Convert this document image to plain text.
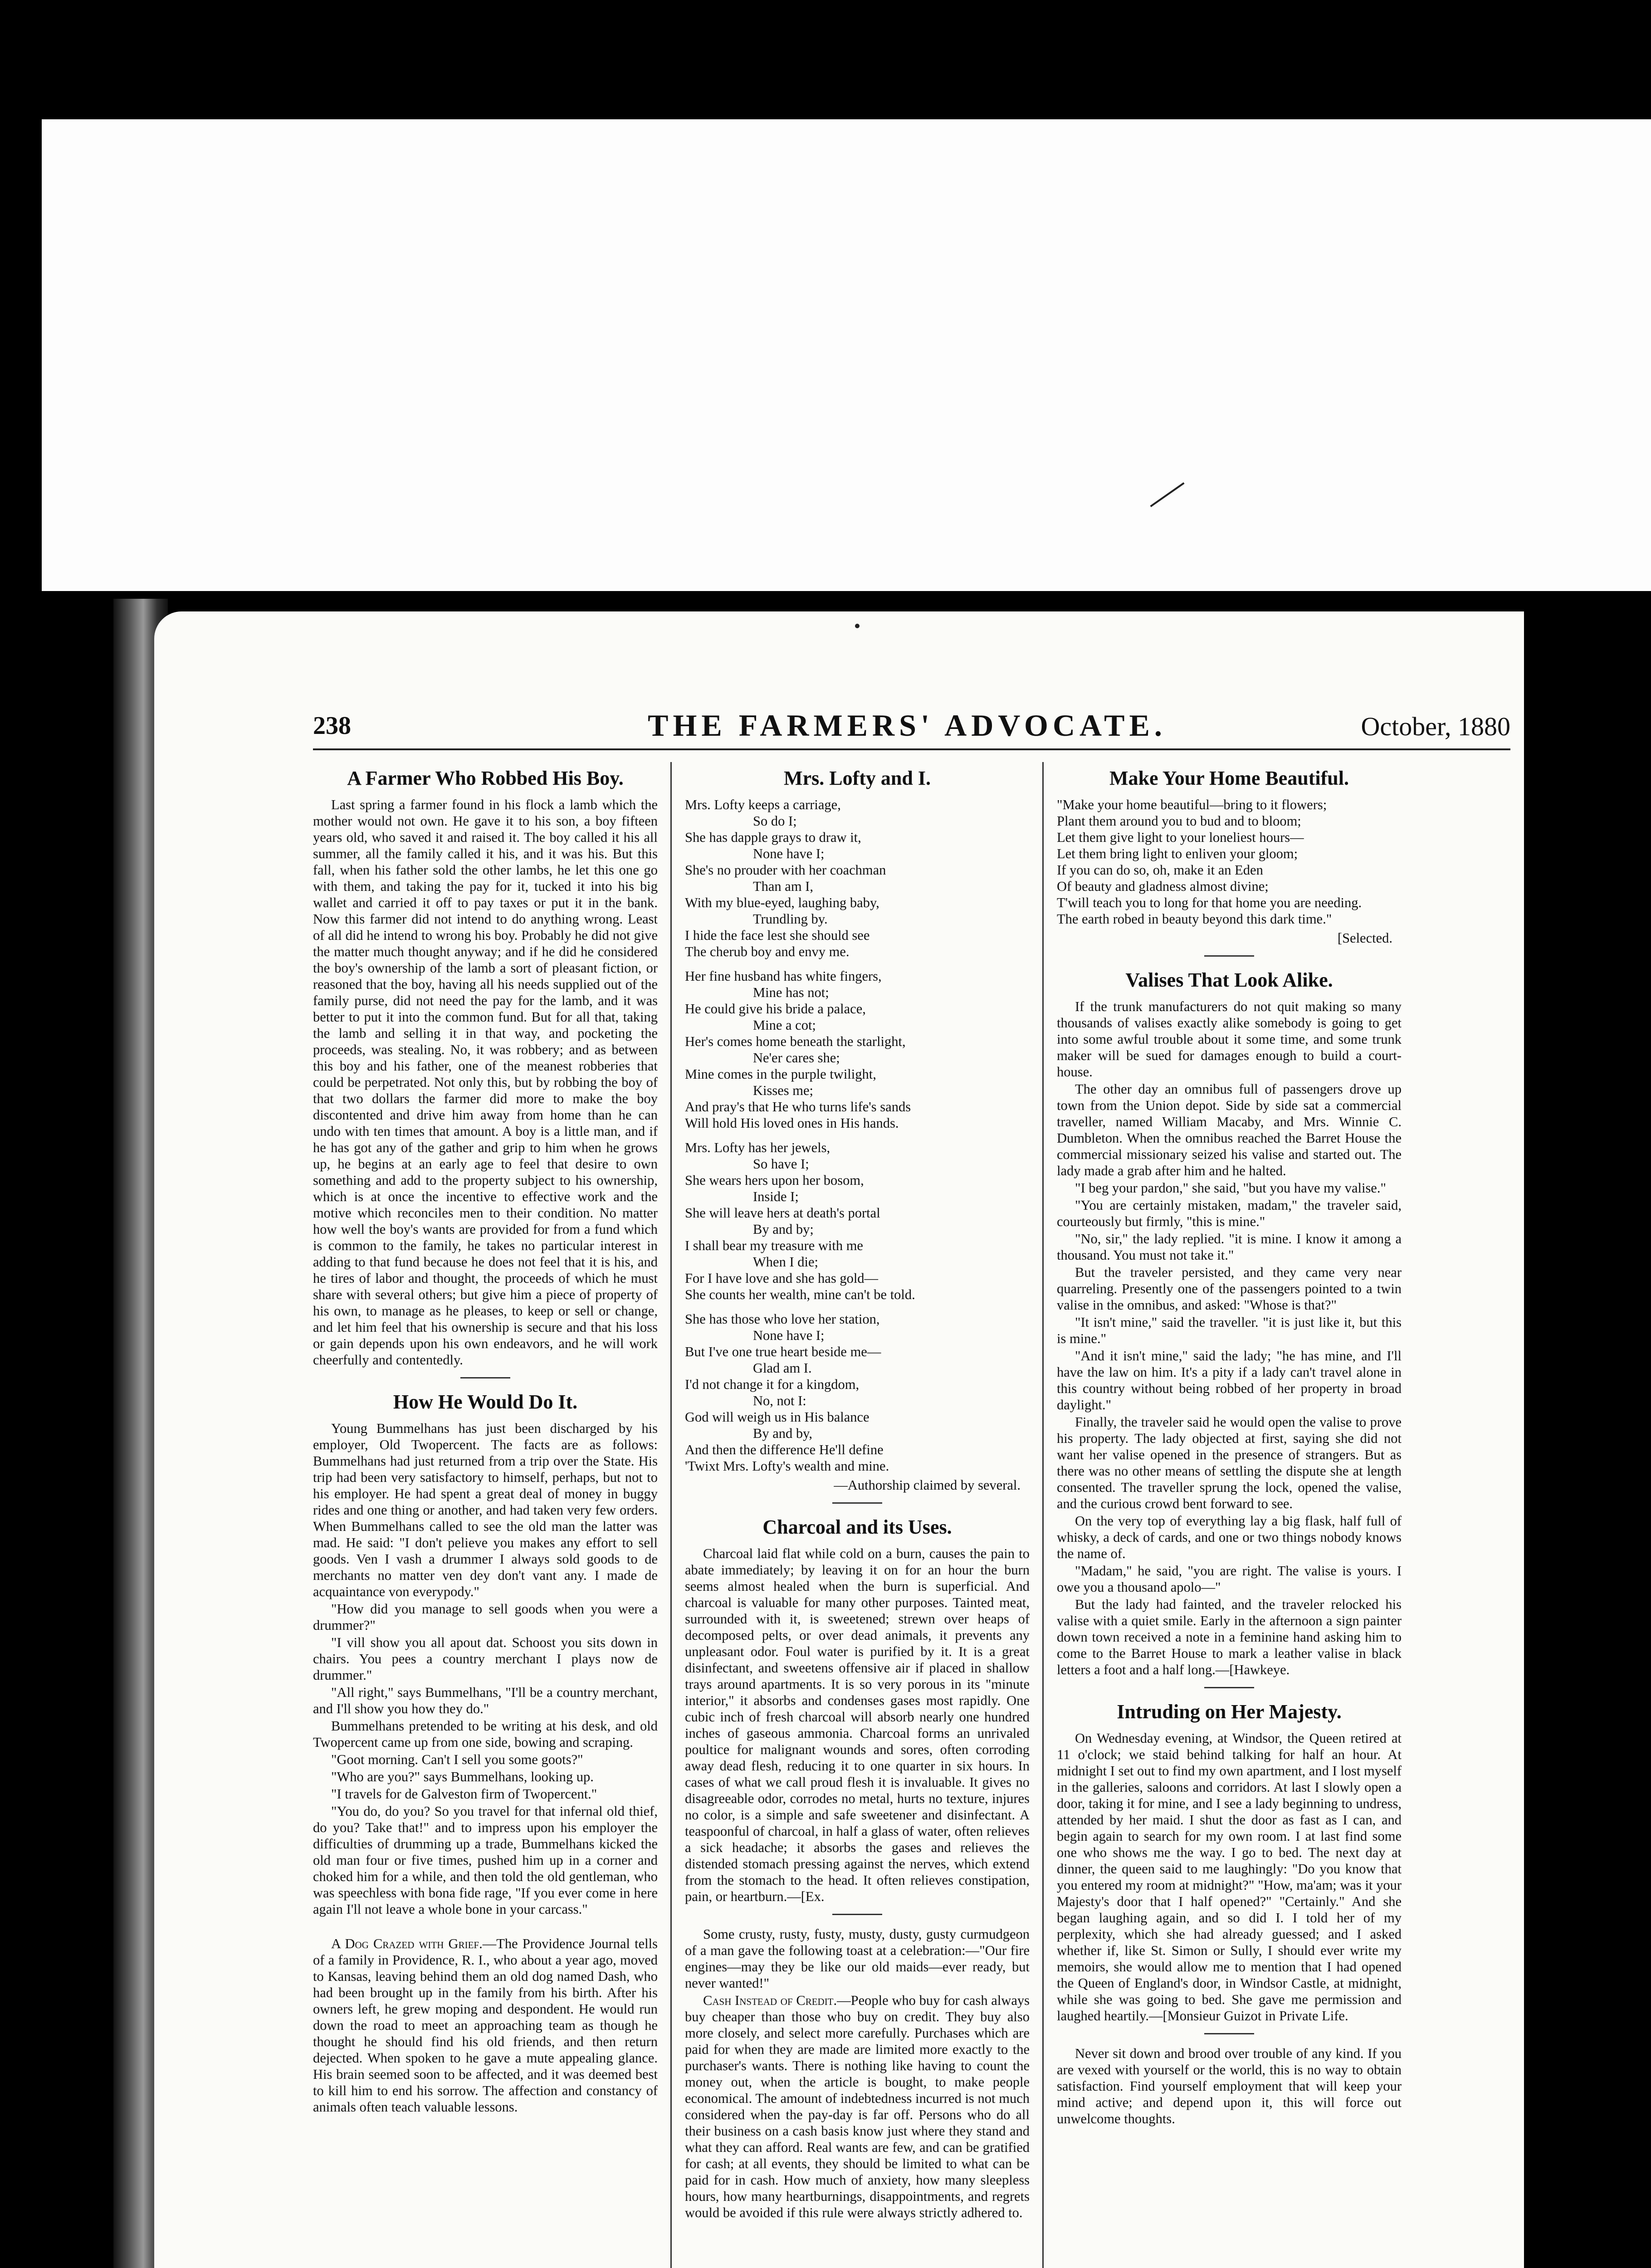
238	THE FARMERS' ADVOCATE.	October, 1880
A Farmer Who Robbed His Boy.

Last spring a farmer found in his flock a lamb which the mother would not own. He gave it to his son, a boy fifteen years old, who saved it and raised it. The boy called it his all summer, all the family called it his, and it was his. But this fall, when his father sold the other lambs, he let this one go with them, and taking the pay for it, tucked it into his big wallet and carried it off to pay taxes or put it in the bank. Now this farmer did not intend to do anything wrong. Least of all did he intend to wrong his boy. Probably he did not give the matter much thought anyway; and if he did he considered the boy's ownership of the lamb a sort of pleasant fiction, or reasoned that the boy, having all his needs supplied out of the family purse, did not need the pay for the lamb, and it was better to put it into the common fund. But for all that, taking the lamb and selling it in that way, and pocketing the proceeds, was stealing. No, it was robbery; and as between this boy and his father, one of the meanest robberies that could be perpetrated. Not only this, but by robbing the boy of that two dollars the farmer did more to make the boy discontented and drive him away from home than he can undo with ten times that amount. A boy is a little man, and if he has got any of the gather and grip to him when he grows up, he begins at an early age to feel that desire to own something and add to the property subject to his ownership, which is at once the incentive to effective work and the motive which reconciles men to their condition. No matter how well the boy's wants are provided for from a fund which is common to the family, he takes no particular interest in adding to that fund because he does not feel that it is his, and he tires of labor and thought, the proceeds of which he must share with several others; but give him a piece of property of his own, to manage as he pleases, to keep or sell or change, and let him feel that his ownership is secure and that his loss or gain depends upon his own endeavors, and he will work cheerfully and contentedly.

How He Would Do It.

Young Bummelhans has just been discharged by his employer, Old Twopercent. The facts are as follows: Bummelhans had just returned from a trip over the State. His trip had been very satisfactory to himself, perhaps, but not to his employer. He had spent a great deal of money in buggy rides and one thing or another, and had taken very few orders. When Bummelhans called to see the old man the latter was mad. He said: "I don't pelieve you makes any effort to sell goods. Ven I vash a drummer I always sold goods to de merchants no matter ven dey don't vant any. I made de acquaintance von everypody."

"How did you manage to sell goods when you were a drummer?"

"I vill show you all apout dat. Schoost you sits down in chairs. You pees a country merchant I plays now de drummer."

"All right," says Bummelhans, "I'll be a country merchant, and I'll show you how they do."

Bummelhans pretended to be writing at his desk, and old Twopercent came up from one side, bowing and scraping.

"Goot morning. Can't I sell you some goots?"

"Who are you?" says Bummelhans, looking up.

"I travels for de Galveston firm of Twopercent."

"You do, do you? So you travel for that infernal old thief, do you? Take that!" and to impress upon his employer the difficulties of drumming up a trade, Bummelhans kicked the old man four or five times, pushed him up in a corner and choked him for a while, and then told the old gentleman, who was speechless with bona fide rage, "If you ever come in here again I'll not leave a whole bone in your carcass."

A Dog Crazed with Grief.—The Providence Journal tells of a family in Providence, R. I., who about a year ago, moved to Kansas, leaving behind them an old dog named Dash, who had been brought up in the family from his birth. After his owners left, he grew moping and despondent. He would run down the road to meet an approaching team as though he thought he should find his old friends, and then return dejected. When spoken to he gave a mute appealing glance. His brain seemed soon to be affected, and it was deemed best to kill him to end his sorrow. The affection and constancy of animals often teach valuable lessons.

Mrs. Lofty and I.

Mrs. Lofty keeps a carriage,

So do I;

She has dapple grays to draw it,

None have I;

She's no prouder with her coachman

Than am I,

With my blue-eyed, laughing baby,

Trundling by.

I hide the face lest she should see

The cherub boy and envy me.

Her fine husband has white fingers,

Mine has not;

He could give his bride a palace,

Mine a cot;

Her's comes home beneath the starlight,

Ne'er cares she;

Mine comes in the purple twilight,

Kisses me;

And pray's that He who turns life's sands

Will hold His loved ones in His hands.

Mrs. Lofty has her jewels,

So have I;

She wears hers upon her bosom,

Inside I;

She will leave hers at death's portal

By and by;

I shall bear my treasure with me

When I die;

For I have love and she has gold—

She counts her wealth, mine can't be told.

She has those who love her station,

None have I;

But I've one true heart beside me—

Glad am I.

I'd not change it for a kingdom,

No, not I:

God will weigh us in His balance

By and by,

And then the difference He'll define

'Twixt Mrs. Lofty's wealth and mine.

—Authorship claimed by several.

Charcoal and its Uses.

Charcoal laid flat while cold on a burn, causes the pain to abate immediately; by leaving it on for an hour the burn seems almost healed when the burn is superficial. And charcoal is valuable for many other purposes. Tainted meat, surrounded with it, is sweetened; strewn over heaps of decomposed pelts, or over dead animals, it prevents any unpleasant odor. Foul water is purified by it. It is a great disinfectant, and sweetens offensive air if placed in shallow trays around apartments. It is so very porous in its "minute interior," it absorbs and condenses gases most rapidly. One cubic inch of fresh charcoal will absorb nearly one hundred inches of gaseous ammonia. Charcoal forms an unrivaled poultice for malignant wounds and sores, often corroding away dead flesh, reducing it to one quarter in six hours. In cases of what we call proud flesh it is invaluable. It gives no disagreeable odor, corrodes no metal, hurts no texture, injures no color, is a simple and safe sweetener and disinfectant. A teaspoonful of charcoal, in half a glass of water, often relieves a sick headache; it absorbs the gases and relieves the distended stomach pressing against the nerves, which extend from the stomach to the head. It often relieves constipation, pain, or heartburn.—[Ex.

Some crusty, rusty, fusty, musty, dusty, gusty curmudgeon of a man gave the following toast at a celebration:—"Our fire engines—may they be like our old maids—ever ready, but never wanted!"

Cash Instead of Credit.—People who buy for cash always buy cheaper than those who buy on credit. They buy also more closely, and select more carefully. Purchases which are paid for when they are made are limited more exactly to the purchaser's wants. There is nothing like having to count the money out, when the article is bought, to make people economical. The amount of indebtedness incurred is not much considered when the pay-day is far off. Persons who do all their business on a cash basis know just where they stand and what they can afford. Real wants are few, and can be gratified for cash; at all events, they should be limited to what can be paid for in cash. How much of anxiety, how many sleepless hours, how many heartburnings, disappointments, and regrets would be avoided if this rule were always strictly adhered to.

Make Your Home Beautiful.

"Make your home beautiful—bring to it flowers;

Plant them around you to bud and to bloom;

Let them give light to your loneliest hours—

Let them bring light to enliven your gloom;

If you can do so, oh, make it an Eden

Of beauty and gladness almost divine;

T'will teach you to long for that home you are needing.

The earth robed in beauty beyond this dark time."

[Selected.

Valises That Look Alike.

If the trunk manufacturers do not quit making so many thousands of valises exactly alike somebody is going to get into some awful trouble about it some time, and some trunk maker will be sued for damages enough to build a court-house.

The other day an omnibus full of passengers drove up town from the Union depot. Side by side sat a commercial traveller, named William Macaby, and Mrs. Winnie C. Dumbleton. When the omnibus reached the Barret House the commercial missionary seized his valise and started out. The lady made a grab after him and he halted.

"I beg your pardon," she said, "but you have my valise."

"You are certainly mistaken, madam," the traveler said, courteously but firmly, "this is mine."

"No, sir," the lady replied. "it is mine. I know it among a thousand. You must not take it."

But the traveler persisted, and they came very near quarreling. Presently one of the passengers pointed to a twin valise in the omnibus, and asked: "Whose is that?"

"It isn't mine," said the traveller. "it is just like it, but this is mine."

"And it isn't mine," said the lady; "he has mine, and I'll have the law on him. It's a pity if a lady can't travel alone in this country without being robbed of her property in broad daylight."

Finally, the traveler said he would open the valise to prove his property. The lady objected at first, saying she did not want her valise opened in the presence of strangers. But as there was no other means of settling the dispute she at length consented. The traveller sprung the lock, opened the valise, and the curious crowd bent forward to see.

On the very top of everything lay a big flask, half full of whisky, a deck of cards, and one or two things nobody knows the name of.

"Madam," he said, "you are right. The valise is yours. I owe you a thousand apolo—"

But the lady had fainted, and the traveler relocked his valise with a quiet smile. Early in the afternoon a sign painter down town received a note in a feminine hand asking him to come to the Barret House to mark a leather valise in black letters a foot and a half long.—[Hawkeye.

Intruding on Her Majesty.

On Wednesday evening, at Windsor, the Queen retired at 11 o'clock; we staid behind talking for half an hour. At midnight I set out to find my own apartment, and I lost myself in the galleries, saloons and corridors. At last I slowly open a door, taking it for mine, and I see a lady beginning to undress, attended by her maid. I shut the door as fast as I can, and begin again to search for my own room. I at last find some one who shows me the way. I go to bed. The next day at dinner, the queen said to me laughingly: "Do you know that you entered my room at midnight?" "How, ma'am; was it your Majesty's door that I half opened?" "Certainly." And she began laughing again, and so did I. I told her of my perplexity, which she had already guessed; and I asked whether if, like St. Simon or Sully, I should ever write my memoirs, she would allow me to mention that I had opened the Queen of England's door, in Windsor Castle, at midnight, while she was going to bed. She gave me permission and laughed heartily.—[Monsieur Guizot in Private Life.

Never sit down and brood over trouble of any kind. If you are vexed with yourself or the world, this is no way to obtain satisfaction. Find yourself employment that will keep your mind active; and depend upon it, this will force out unwelcome thoughts.
